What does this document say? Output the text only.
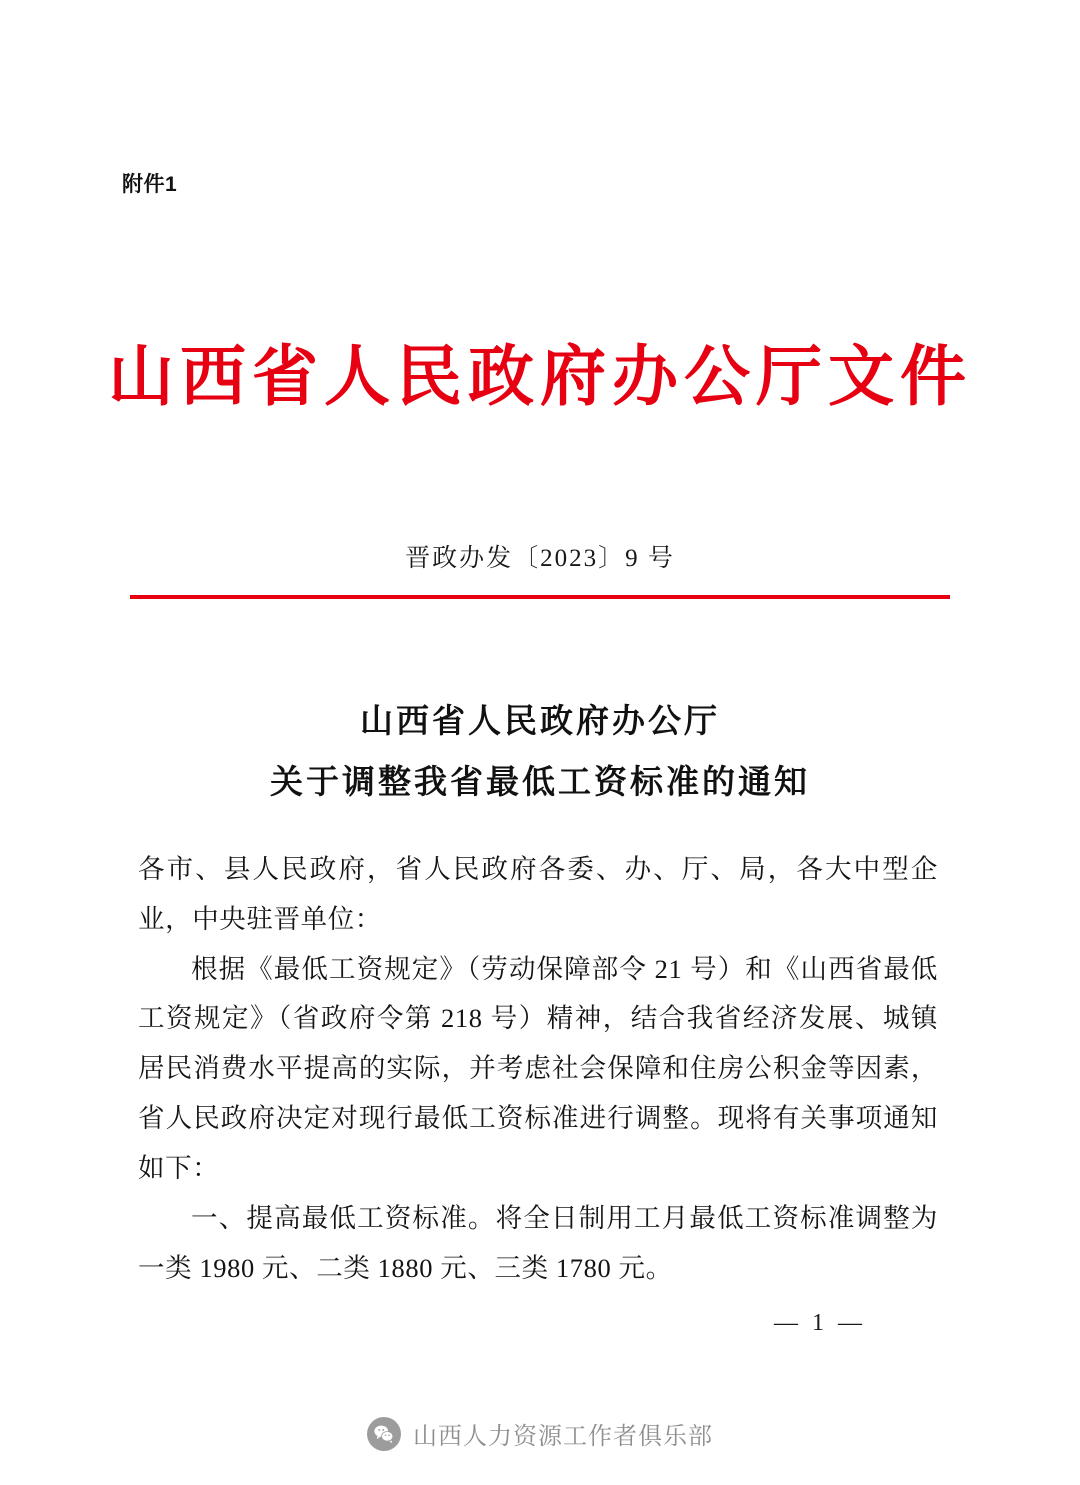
附件1
山西省人民政府办公厅文件
晋政办发〔2023〕9 号
山西省人民政府办公厅
关于调整我省最低工资标准的通知

各市、县人民政府，省人民政府各委、办、厅、局，各大中型企业，中央驻晋单位：

根据《最低工资规定》（劳动保障部令 21 号）和《山西省最低工资规定》（省政府令第 218 号）精神，结合我省经济发展、城镇居民消费水平提高的实际，并考虑社会保障和住房公积金等因素，省人民政府决定对现行最低工资标准进行调整。现将有关事项通知如下：

一、提高最低工资标准。将全日制用工月最低工资标准调整为一类 1980 元、二类 1880 元、三类 1780 元。

— 1 —
山西人力资源工作者俱乐部
